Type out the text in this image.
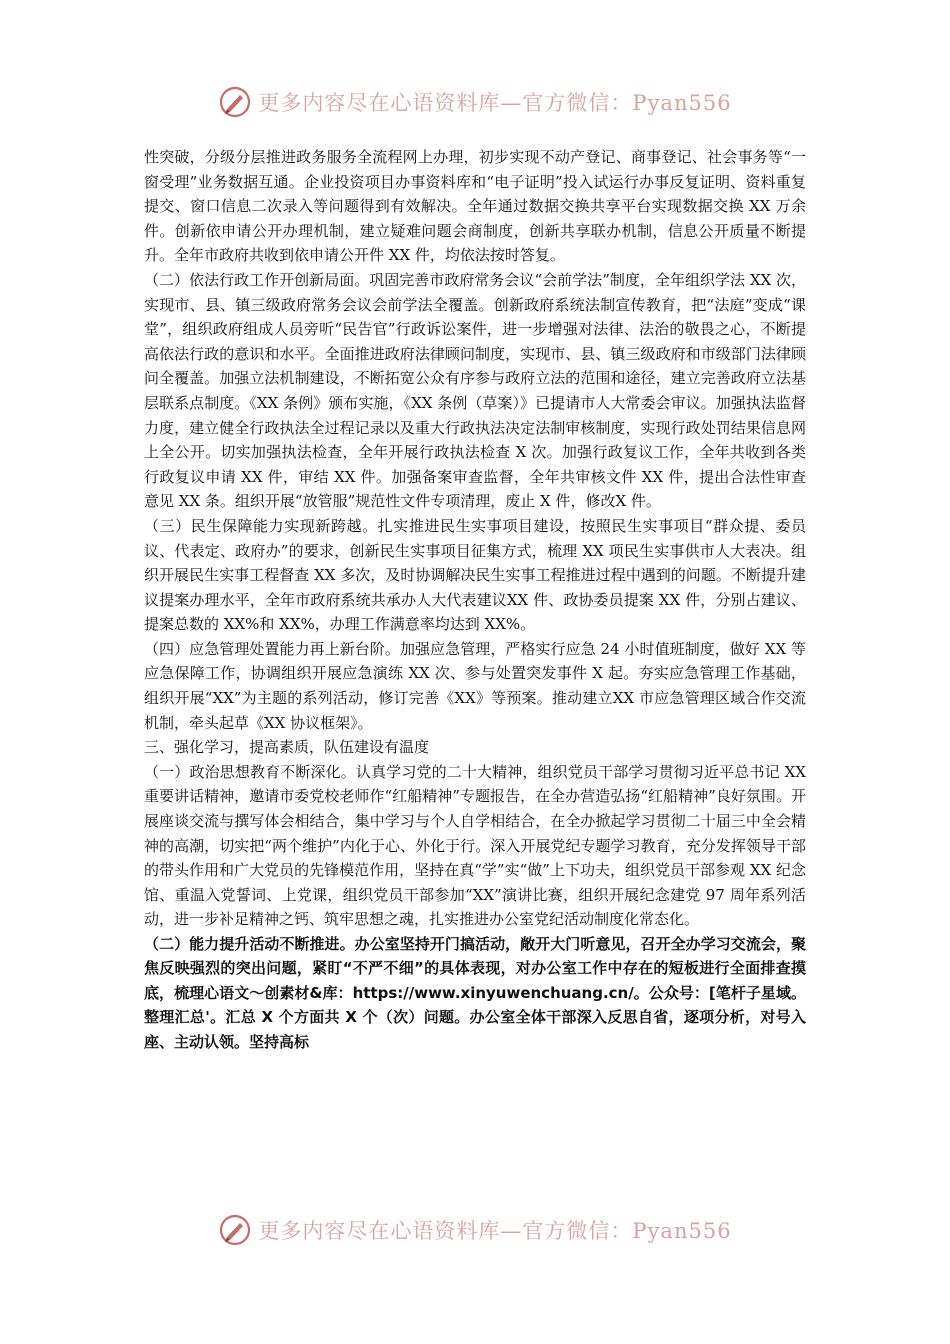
更多内容尽在心语资料库—官方微信：Pyan556

性突破，分级分层推进政务服务全流程网上办理，初步实现不动产登记、商事登记、社会事务等“一窗受理”业务数据互通。企业投资项目办事资料库和“电子证明”投入试运行办事反复证明、资料重复提交、窗口信息二次录入等问题得到有效解决。全年通过数据交换共享平台实现数据交换 XX 万余件。创新依申请公开办理机制，建立疑难问题会商制度，创新共享联办机制，信息公开质量不断提升。全年市政府共收到依申请公开件 XX 件，均依法按时答复。

（二）依法行政工作开创新局面。巩固完善市政府常务会议“会前学法”制度，全年组织学法 XX 次，实现市、县、镇三级政府常务会议会前学法全覆盖。创新政府系统法制宣传教育，把“法庭”变成“课堂”，组织政府组成人员旁听“民告官”行政诉讼案件，进一步增强对法律、法治的敬畏之心，不断提高依法行政的意识和水平。全面推进政府法律顾问制度，实现市、县、镇三级政府和市级部门法律顾问全覆盖。加强立法机制建设，不断拓宽公众有序参与政府立法的范围和途径，建立完善政府立法基层联系点制度。《XX 条例》颁布实施，《XX 条例（草案）》已提请市人大常委会审议。加强执法监督力度，建立健全行政执法全过程记录以及重大行政执法决定法制审核制度，实现行政处罚结果信息网上全公开。切实加强执法检查，全年开展行政执法检查 X 次。加强行政复议工作，全年共收到各类行政复议申请 XX 件，审结 XX 件。加强备案审查监督，全年共审核文件 XX 件，提出合法性审查意见 XX 条。组织开展“放管服”规范性文件专项清理，废止 X 件，修改X 件。

（三）民生保障能力实现新跨越。扎实推进民生实事项目建设，按照民生实事项目“群众提、委员议、代表定、政府办”的要求，创新民生实事项目征集方式，梳理 XX 项民生实事供市人大表决。组织开展民生实事工程督查 XX 多次，及时协调解决民生实事工程推进过程中遇到的问题。不断提升建议提案办理水平，全年市政府系统共承办人大代表建议XX 件、政协委员提案 XX 件，分别占建议、提案总数的 XX%和 XX%，办理工作满意率均达到 XX%。

（四）应急管理处置能力再上新台阶。加强应急管理，严格实行应急 24 小时值班制度，做好 XX 等应急保障工作，协调组织开展应急演练 XX 次、参与处置突发事件 X 起。夯实应急管理工作基础，组织开展“XX”为主题的系列活动，修订完善《XX》等预案。推动建立XX 市应急管理区域合作交流机制，牵头起草《XX 协议框架》。

三、强化学习，提高素质，队伍建设有温度

（一）政治思想教育不断深化。认真学习党的二十大精神，组织党员干部学习贯彻习近平总书记 XX 重要讲话精神，邀请市委党校老师作“红船精神”专题报告，在全办营造弘扬“红船精神”良好氛围。开展座谈交流与撰写体会相结合，集中学习与个人自学相结合，在全办掀起学习贯彻二十届三中全会精神的高潮，切实把“两个维护”内化于心、外化于行。深入开展党纪专题学习教育，充分发挥领导干部的带头作用和广大党员的先锋模范作用，坚持在真“学”实“做”上下功夫，组织党员干部参观 XX 纪念馆、重温入党誓词、上党课，组织党员干部参加“XX”演讲比赛，组织开展纪念建党 97 周年系列活动，进一步补足精神之钙、筑牢思想之魂，扎实推进办公室党纪活动制度化常态化。

（二）能力提升活动不断推进。办公室坚持开门搞活动，敞开大门听意见，召开全办学习交流会，聚焦反映强烈的突出问题，紧盯“不严不细”的具体表现，对办公室工作中存在的短板进行全面排查摸底，梳理心语文～创素材&库：https://www.xinyuwenchuang.cn/。公众号：[笔杆子星域。整理汇总'。汇总 X 个方面共 X 个（次）问题。办公室全体干部深入反思自省，逐项分析，对号入座、主动认领。坚持高标

更多内容尽在心语资料库—官方微信：Pyan556
